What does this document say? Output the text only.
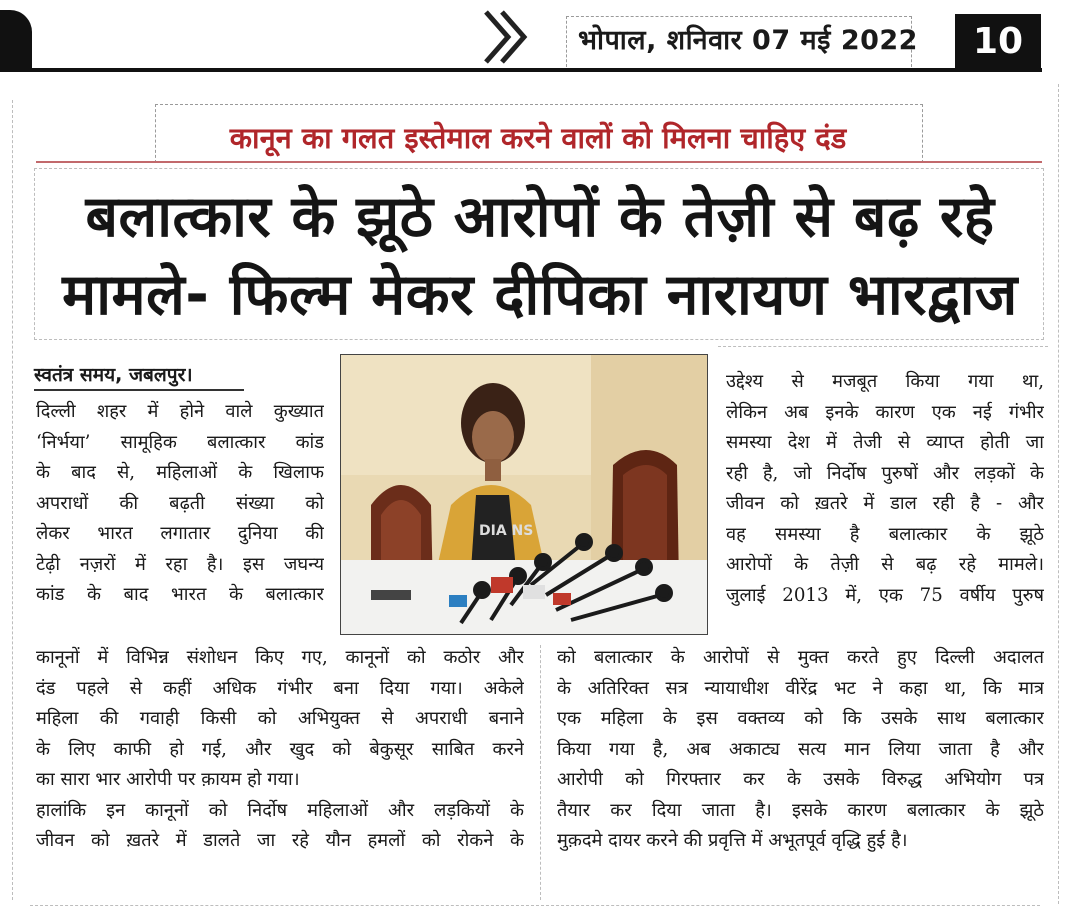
भोपाल, शनिवार 07 मई 2022	10
कानून का गलत इस्तेमाल करने वालों को मिलना चाहिए दंड
बलात्कार के झूठे आरोपों के तेज़ी से बढ़ रहे
मामले- फिल्म मेकर दीपिका नारायण भारद्वाज
स्वतंत्र समय, जबलपुर।
दिल्ली शहर में होने वाले कुख्यात
‘निर्भया’ सामूहिक बलात्कार कांड
के बाद से, महिलाओं के खिलाफ
अपराधों की बढ़ती संख्या को
लेकर भारत लगातार दुनिया की
टेढ़ी नज़रों में रहा है। इस जघन्य
कांड के बाद भारत के बलात्कार
DIA NS
उद्देश्य से मजबूत किया गया था,
लेकिन अब इनके कारण एक नई गंभीर
समस्या देश में तेजी से व्याप्त होती जा
रही है, जो निर्दोष पुरुषों और लड़कों के
जीवन को ख़तरे में डाल रही है - और
वह समस्या है बलात्कार के झूठे
आरोपों के तेज़ी से बढ़ रहे मामले।
जुलाई 2013 में, एक 75 वर्षीय पुरुष
कानूनों में विभिन्न संशोधन किए गए, कानूनों को कठोर और
दंड पहले से कहीं अधिक गंभीर बना दिया गया। अकेले
महिला की गवाही किसी को अभियुक्त से अपराधी बनाने
के लिए काफी हो गई, और खुद को बेकुसूर साबित करने
का सारा भार आरोपी पर क़ायम हो गया।
हालांकि इन कानूनों को निर्दोष महिलाओं और लड़कियों के
जीवन को ख़तरे में डालते जा रहे यौन हमलों को रोकने के
को बलात्कार के आरोपों से मुक्त करते हुए दिल्ली अदालत
के अतिरिक्त सत्र न्यायाधीश वीरेंद्र भट ने कहा था, कि मात्र
एक महिला के इस वक्तव्य को कि उसके साथ बलात्कार
किया गया है, अब अकाट्य सत्य मान लिया जाता है और
आरोपी को गिरफ्तार कर के उसके विरुद्ध अभियोग पत्र
तैयार कर दिया जाता है। इसके कारण बलात्कार के झूठे
मुक़दमे दायर करने की प्रवृत्ति में अभूतपूर्व वृद्धि हुई है।
